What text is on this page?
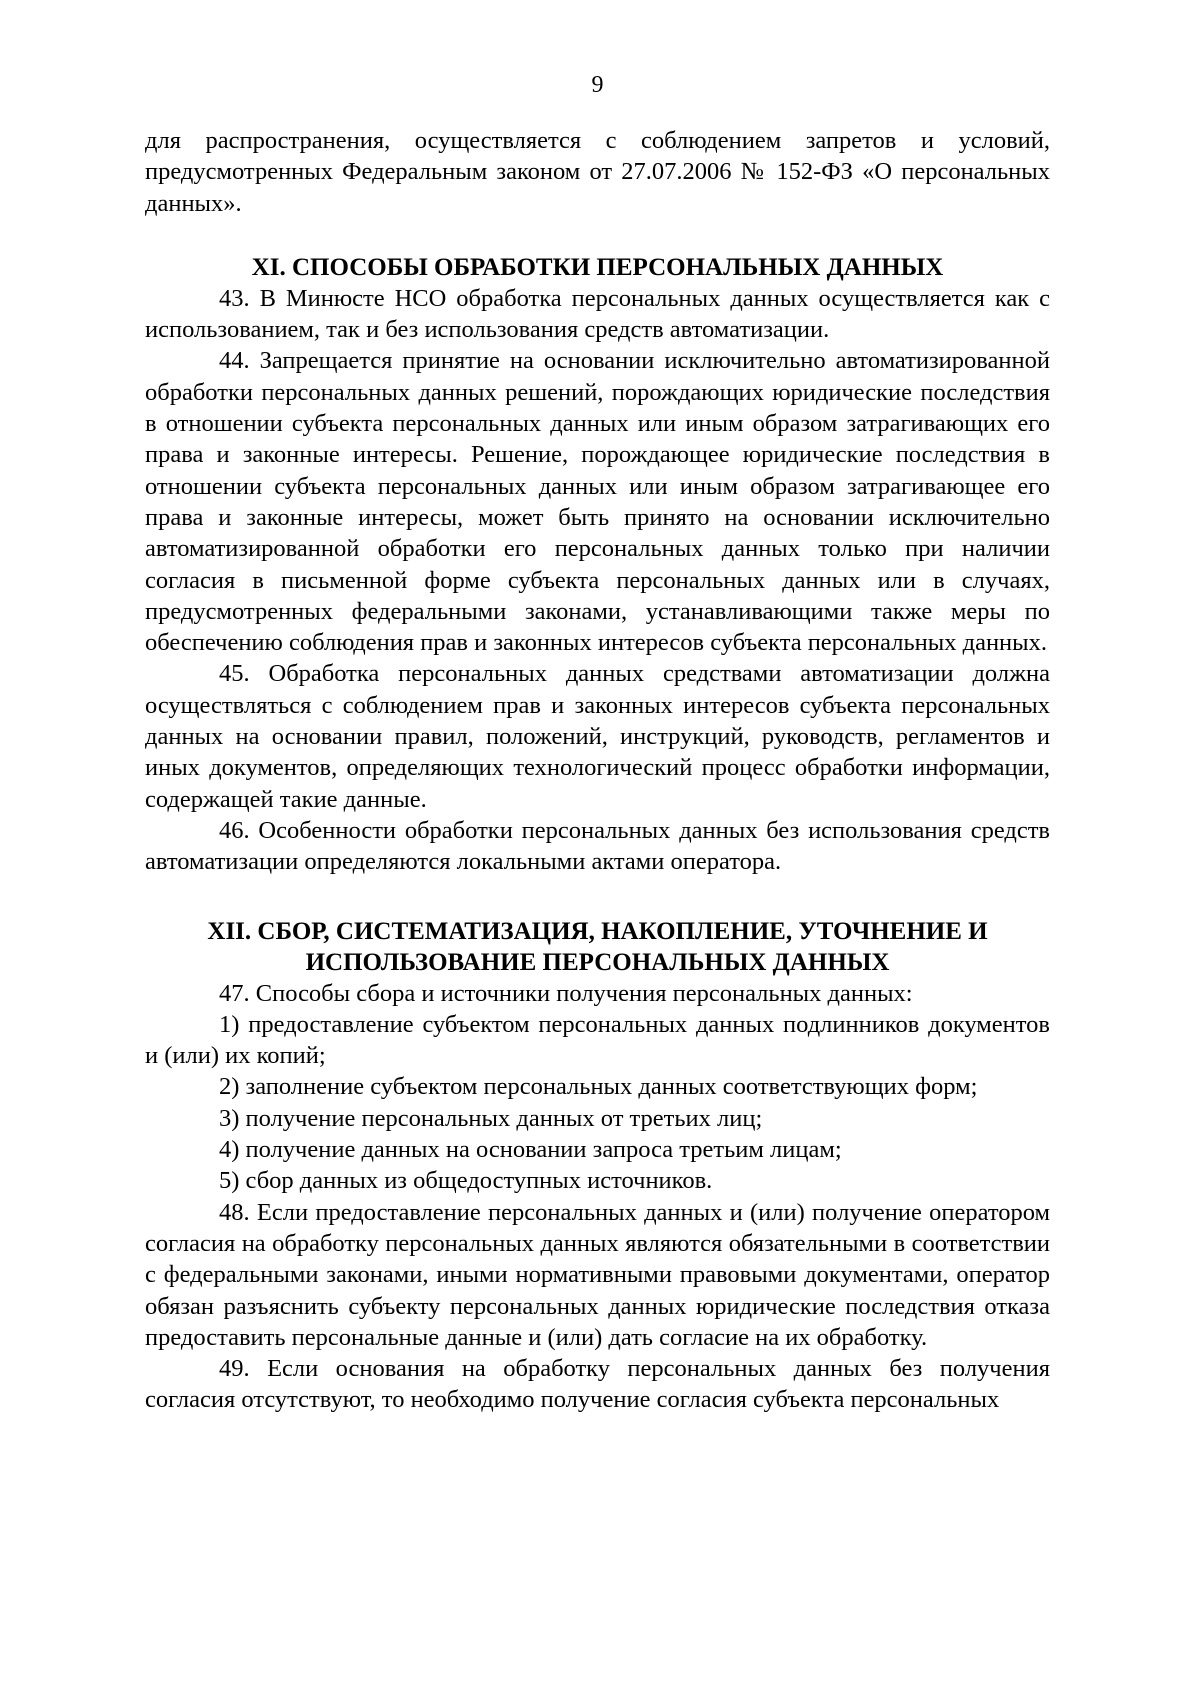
9

для распространения, осуществляется с соблюдением запретов и условий, предусмотренных Федеральным законом от 27.07.2006 № 152-ФЗ «О персональных данных».

XI. СПОСОБЫ ОБРАБОТКИ ПЕРСОНАЛЬНЫХ ДАННЫХ

43. В Минюсте НСО обработка персональных данных осуществляется как с использованием, так и без использования средств автоматизации.

44. Запрещается принятие на основании исключительно автоматизированной обработки персональных данных решений, порождающих юридические последствия в отношении субъекта персональных данных или иным образом затрагивающих его права и законные интересы. Решение, порождающее юридические последствия в отношении субъекта персональных данных или иным образом затрагивающее его права и законные интересы, может быть принято на основании исключительно автоматизированной обработки его персональных данных только при наличии согласия в письменной форме субъекта персональных данных или в случаях, предусмотренных федеральными законами, устанавливающими также меры по обеспечению соблюдения прав и законных интересов субъекта персональных данных.

45. Обработка персональных данных средствами автоматизации должна осуществляться с соблюдением прав и законных интересов субъекта персональных данных на основании правил, положений, инструкций, руководств, регламентов и иных документов, определяющих технологический процесс обработки информации, содержащей такие данные.

46. Особенности обработки персональных данных без использования средств автоматизации определяются локальными актами оператора.

XII. СБОР, СИСТЕМАТИЗАЦИЯ, НАКОПЛЕНИЕ, УТОЧНЕНИЕ И
ИСПОЛЬЗОВАНИЕ ПЕРСОНАЛЬНЫХ ДАННЫХ

47. Способы сбора и источники получения персональных данных:

1) предоставление субъектом персональных данных подлинников документов и (или) их копий;

2) заполнение субъектом персональных данных соответствующих форм;

3) получение персональных данных от третьих лиц;

4) получение данных на основании запроса третьим лицам;

5) сбор данных из общедоступных источников.

48. Если предоставление персональных данных и (или) получение оператором согласия на обработку персональных данных являются обязательными в соответствии с федеральными законами, иными нормативными правовыми документами, оператор обязан разъяснить субъекту персональных данных юридические последствия отказа предоставить персональные данные и (или) дать согласие на их обработку.

49. Если основания на обработку персональных данных без получения согласия отсутствуют, то необходимо получение согласия субъекта персональных
